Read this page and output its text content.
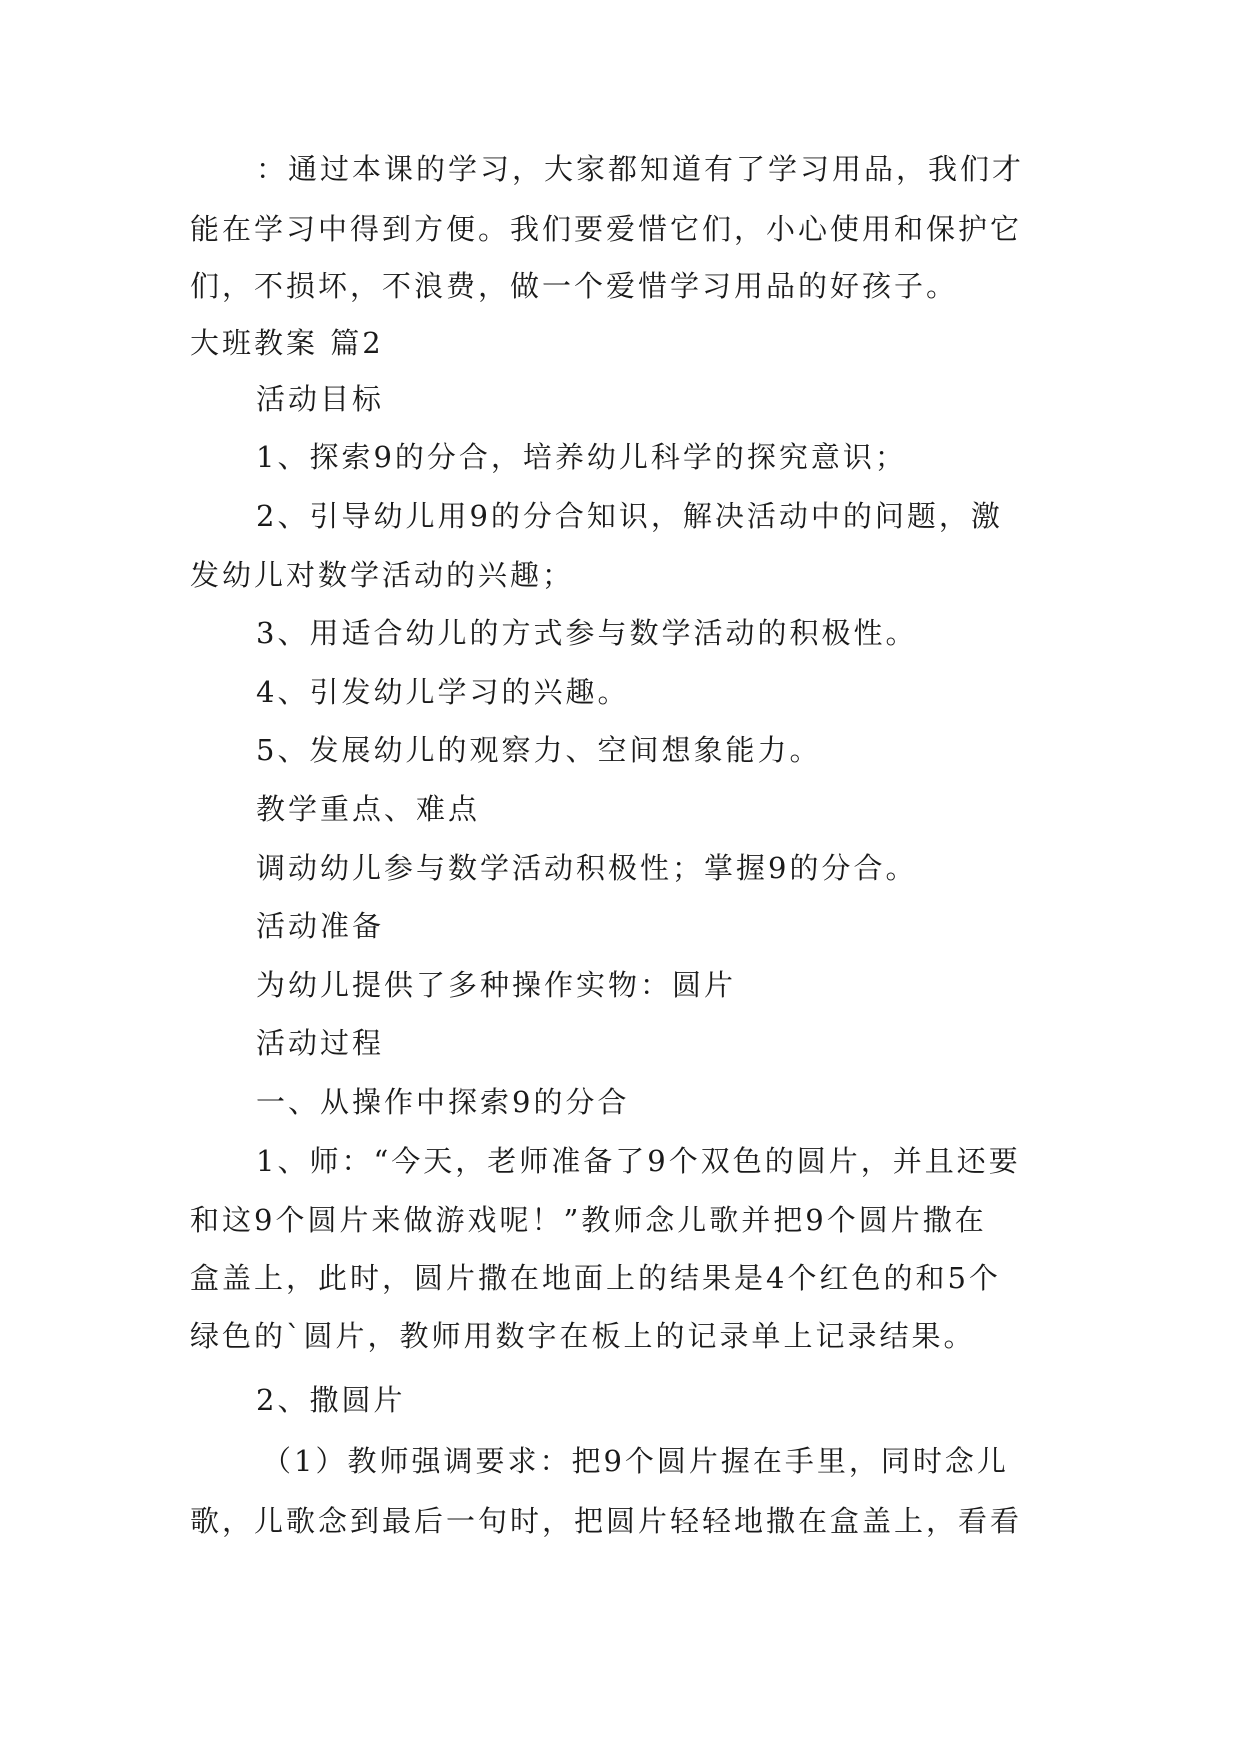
：通过本课的学习，大家都知道有了学习用品，我们才
能在学习中得到方便。我们要爱惜它们，小心使用和保护它
们，不损坏，不浪费，做一个爱惜学习用品的好孩子。
大班教案 篇2
活动目标
1、探索9的分合，培养幼儿科学的探究意识；
2、引导幼儿用9的分合知识，解决活动中的问题，激
发幼儿对数学活动的兴趣；
3、用适合幼儿的方式参与数学活动的积极性。
4、引发幼儿学习的兴趣。
5、发展幼儿的观察力、空间想象能力。
教学重点、难点
调动幼儿参与数学活动积极性；掌握9的分合。
活动准备
为幼儿提供了多种操作实物：圆片
活动过程
一、从操作中探索9的分合
1、师：“今天，老师准备了9个双色的圆片，并且还要
和这9个圆片来做游戏呢！”教师念儿歌并把9个圆片撒在
盒盖上，此时，圆片撒在地面上的结果是4个红色的和5个
绿色的`圆片，教师用数字在板上的记录单上记录结果。
2、撒圆片
（1）教师强调要求：把9个圆片握在手里，同时念儿
歌，儿歌念到最后一句时，把圆片轻轻地撒在盒盖上，看看
